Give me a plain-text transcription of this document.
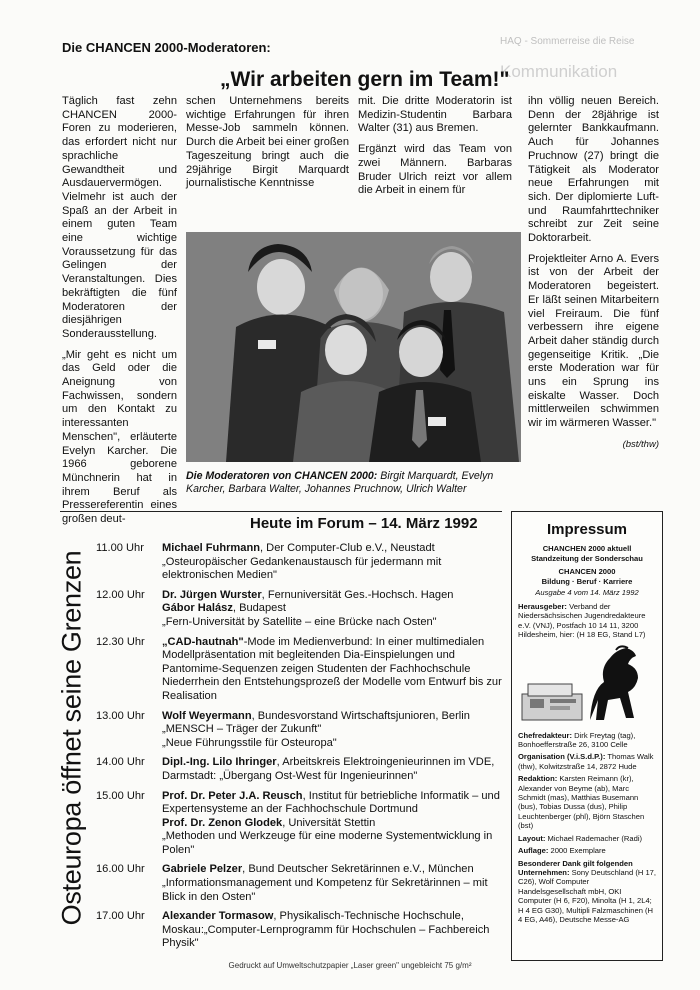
HAQ - Sommerreise die Reise
Kommunikation
Die CHANCEN 2000-Moderatoren:
„Wir arbeiten gern im Team!"

Täglich fast zehn CHANCEN 2000-Foren zu moderieren, das erfordert nicht nur sprachliche Gewandtheit und Ausdauervermögen. Vielmehr ist auch der Spaß an der Arbeit in einem guten Team eine wichtige Voraussetzung für das Gelingen der Veranstaltungen. Dies bekräftigten die fünf Moderatoren der diesjährigen Sonderausstellung.

„Mir geht es nicht um das Geld oder die Aneignung von Fachwissen, sondern um den Kontakt zu interessanten Menschen", erläuterte Evelyn Karcher. Die 1966 geborene Münchnerin hat in ihrem Beruf als Pressereferentin eines großen deut-

schen Unternehmens bereits wichtige Erfahrungen für ihren Messe-Job sammeln können. Durch die Arbeit bei einer großen Tageszeitung bringt auch die 29jährige Birgit Marquardt journalistische Kenntnisse

mit. Die dritte Moderatorin ist Medizin-Studentin Barbara Walter (31) aus Bremen.

Ergänzt wird das Team von zwei Männern. Barbaras Bruder Ulrich reizt vor allem die Arbeit in einem für

ihn völlig neuen Bereich. Denn der 28jährige ist gelernter Bankkaufmann. Auch für Johannes Pruchnow (27) bringt die Tätigkeit als Moderator neue Erfahrungen mit sich. Der diplomierte Luft- und Raumfahrttechniker schreibt zur Zeit seine Doktorarbeit.

Projektleiter Arno A. Evers ist von der Arbeit der Moderatoren begeistert. Er läßt seinen Mitarbeitern viel Freiraum. Die fünf verbessern ihre eigene Arbeit daher ständig durch gegenseitige Kritik. „Die erste Moderation war für uns ein Sprung ins eiskalte Wasser. Doch mittlerweilen schwimmen wir im wärmeren Wasser."

(bst/thw)

Die Moderatoren von CHANCEN 2000: Birgit Marquardt, Evelyn Karcher, Barbara Walter, Johannes Pruchnow, Ulrich Walter
Heute im Forum – 14. März 1992
Osteuropa öffnet seine Grenzen
11.00 Uhr	Michael Fuhrmann, Der Computer-Club e.V., Neustadt
„Osteuropäischer Gedankenaustausch für jedermann mit elektronischen Medien"
12.00 Uhr	Dr. Jürgen Wurster, Fernuniversität Ges.-Hochsch. Hagen
Gábor Halász, Budapest
„Fern-Universität by Satellite – eine Brücke nach Osten"
12.30 Uhr	„CAD-hautnah"-Mode im Medienverbund: In einer multimedialen Modellpräsentation mit begleitenden Dia-Einspielungen und Pantomime-Sequenzen zeigen Studenten der Fachhochschule Niederrhein den Entstehungsprozeß der Modelle vom Entwurf bis zur Realisation
13.00 Uhr	Wolf Weyermann, Bundesvorstand Wirtschaftsjunioren, Berlin
„MENSCH – Träger der Zukunft"
„Neue Führungsstile für Osteuropa"
14.00 Uhr	Dipl.-Ing. Lilo Ihringer, Arbeitskreis Elektroingenieurinnen im VDE, Darmstadt: „Übergang Ost-West für Ingenieurinnen"
15.00 Uhr	Prof. Dr. Peter J.A. Reusch, Institut für betriebliche Informatik – und Expertensysteme an der Fachhochschule Dortmund
Prof. Dr. Zenon Glodek, Universität Stettin
„Methoden und Werkzeuge für eine moderne Systementwicklung in Polen"
16.00 Uhr	Gabriele Pelzer, Bund Deutscher Sekretärinnen e.V., München
„Informationsmanagement und Kompetenz für Sekretärinnen – mit Blick in den Osten"
17.00 Uhr	Alexander Tormasow, Physikalisch-Technische Hochschule, Moskau:„Computer-Lernprogramm für Hochschulen – Fachbereich Physik"
Impressum
CHANCHEN 2000 aktuell
Standzeitung der Sonderschau
CHANCEN 2000
Bildung · Beruf · Karriere
Ausgabe 4 vom 14. März 1992

Herausgeber: Verband der Niedersächsischen Jugendredakteure e.V. (VNJ), Postfach 10 14 11, 3200 Hildesheim, hier: (H 18 EG, Stand L7)

Chefredakteur: Dirk Freytag (tag), Bonhoefferstraße 26, 3100 Celle

Organisation (V.i.S.d.P.): Thomas Walk (thw), Kolwitzstraße 14, 2872 Hude

Redaktion: Karsten Reimann (kr), Alexander von Beyme (ab), Marc Schmidt (mas), Matthias Busemann (bus), Tobias Dussa (dus), Philip Leuchtenberger (phl), Björn Staschen (bst)

Layout: Michael Rademacher (Radi)

Auflage: 2000 Exemplare

Besonderer Dank gilt folgenden Unternehmen: Sony Deutschland (H 17, C26), Wolf Computer Handelsgesellschaft mbH, OKI Computer (H 6, F20), Minolta (H 1, 2L4; H 4 EG G30), Multipli Falzmaschinen (H 4 EG, A46), Deutsche Messe-AG

Gedruckt auf Umweltschutzpapier „Laser green" ungebleicht 75 g/m²
